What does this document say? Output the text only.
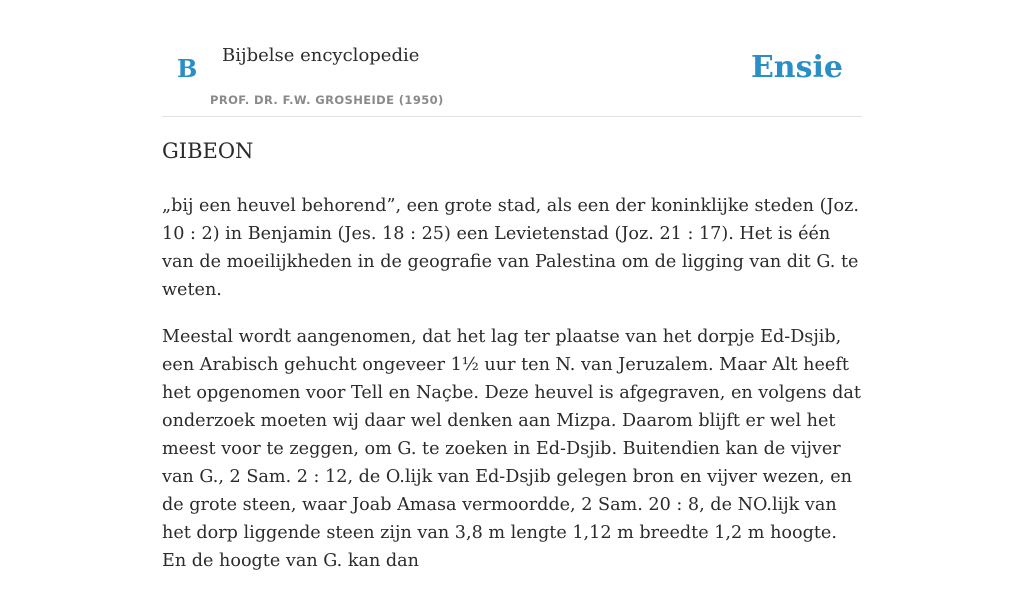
B Bijbelse encyclopedie
PROF. DR. F.W. GROSHEIDE (1950)
Ensie
GIBEON

„bij een heuvel behorend”, een grote stad, als een der koninklijke steden (Joz. 10 : 2) in Benjamin (Jes. 18 : 25) een Levietenstad (Joz. 21 : 17). Het is één van de moeilijkheden in de geografie van Palestina om de ligging van dit G. te weten.

Meestal wordt aangenomen, dat het lag ter plaatse van het dorpje Ed-Dsjib, een Arabisch gehucht ongeveer 1½ uur ten N. van Jeruzalem. Maar Alt heeft het opgenomen voor Tell en Naçbe. Deze heuvel is afgegraven, en volgens dat onderzoek moeten wij daar wel denken aan Mizpa. Daarom blijft er wel het meest voor te zeggen, om G. te zoeken in Ed-Dsjib. Buitendien kan de vijver van G., 2 Sam. 2 : 12, de O.lijk van Ed-Dsjib gelegen bron en vijver wezen, en de grote steen, waar Joab Amasa vermoordde, 2 Sam. 20 : 8, de NO.lijk van het dorp liggende steen zijn van 3,8 m lengte 1,12 m breedte 1,2 m hoogte. En de hoogte van G. kan dan
